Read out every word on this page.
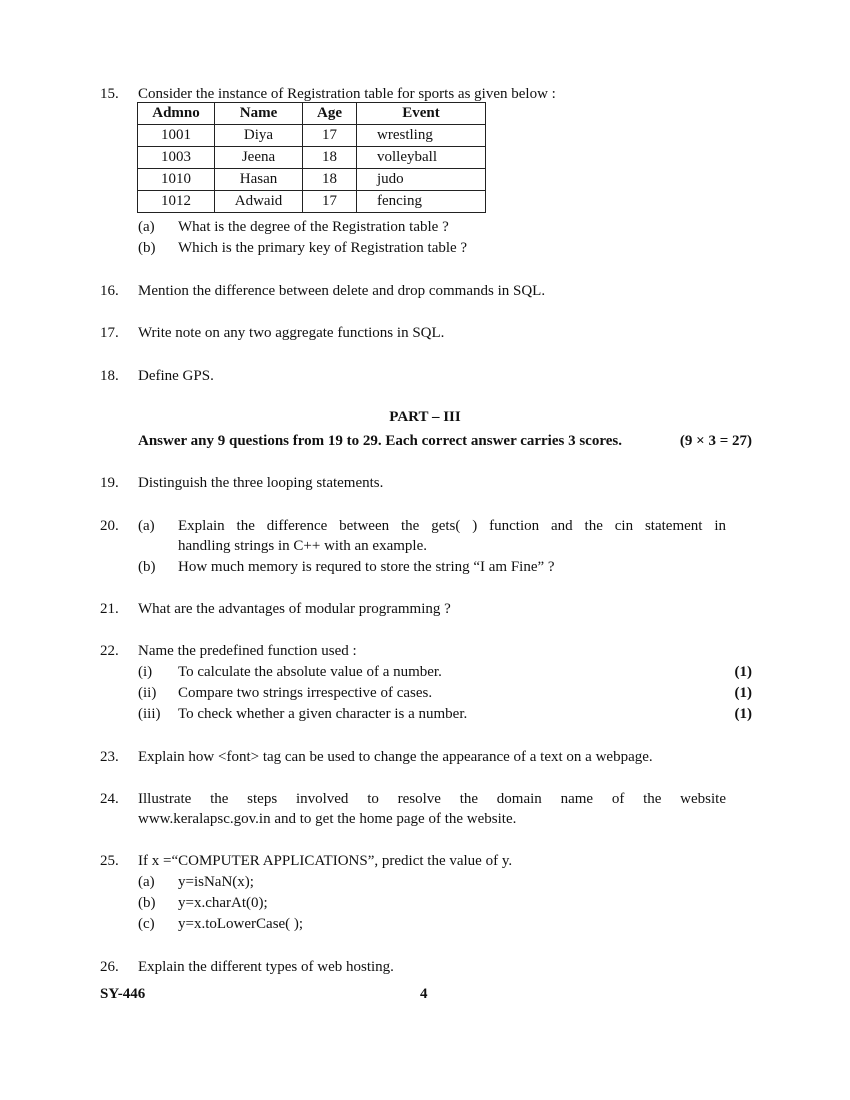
15.	Consider the instance of Registration table for sports as given below :
Admno	Name	Age	Event
1001	Diya	17	wrestling
1003	Jeena	18	volleyball
1010	Hasan	18	judo
1012	Adwaid	17	fencing
(a)	What is the degree of the Registration table ?
(b)	Which is the primary key of Registration table ?
16.	Mention the difference between delete and drop commands in SQL.
17.	Write note on any two aggregate functions in SQL.
18.	Define GPS.
PART – III
Answer any 9 questions from 19 to 29. Each correct answer carries 3 scores.	(9 × 3 = 27)
19.	Distinguish the three looping statements.
20.	(a)	Explain the difference between the gets( ) function and the cin statement in
handling strings in C++ with an example.
(b)	How much memory is requred to store the string “I am Fine” ?
21.	What are the advantages of modular programming ?
22.	Name the predefined function used :
(i)	To calculate the absolute value of a number.	(1)
(ii)	Compare two strings irrespective of cases.	(1)
(iii)	To check whether a given character is a number.	(1)
23.	Explain how <font> tag can be used to change the appearance of a text on a webpage.
24.	Illustrate the steps involved to resolve the domain name of the website
www.keralapsc.gov.in and to get the home page of the website.
25.	If x =“COMPUTER APPLICATIONS”, predict the value of y.
(a)	y=isNaN(x);
(b)	y=x.charAt(0);
(c)	y=x.toLowerCase( );
26.	Explain the different types of web hosting.
SY-446	4
